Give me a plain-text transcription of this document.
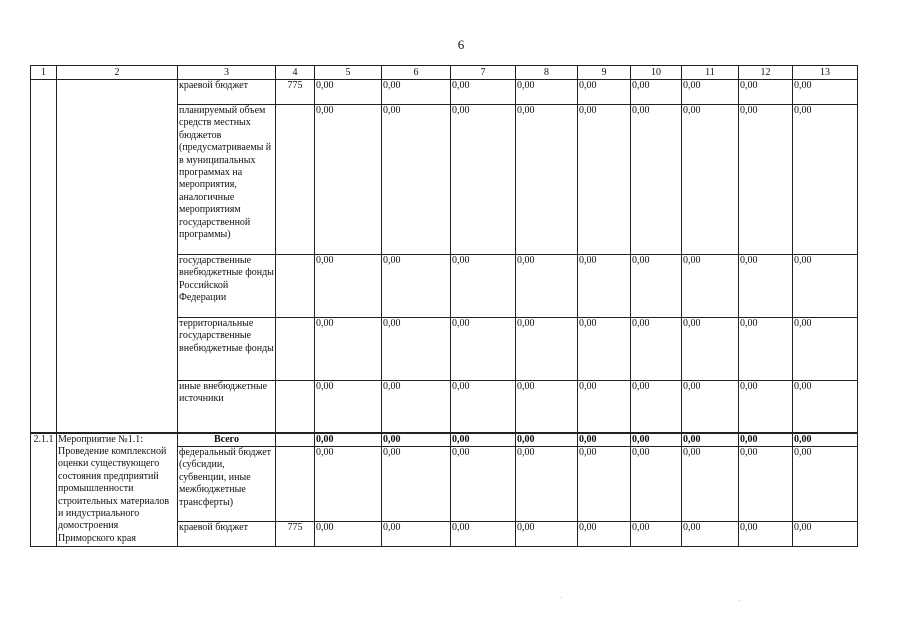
6
1	2	3	4	5	6	7	8	9	10	11	12	13
		краевой бюджет	775	0,00	0,00	0,00	0,00	0,00	0,00	0,00	0,00	0,00
		планируемый объем средств местных бюджетов (предусматриваемы й в муниципальных программах на мероприятия, аналогичные мероприятиям государственной программы)		0,00	0,00	0,00	0,00	0,00	0,00	0,00	0,00	0,00
		государственные внебюджетные фонды Российской Федерации		0,00	0,00	0,00	0,00	0,00	0,00	0,00	0,00	0,00
		территориальные государственные внебюджетные фонды		0,00	0,00	0,00	0,00	0,00	0,00	0,00	0,00	0,00
		иные внебюджетные источники		0,00	0,00	0,00	0,00	0,00	0,00	0,00	0,00	0,00
2.1.1	Мероприятие №1.1: Проведение комплексной оценки существующего состояния предприятий промышленности строительных материалов и индустриального домостроения Приморского края	Всего		0,00	0,00	0,00	0,00	0,00	0,00	0,00	0,00	0,00
		федеральный бюджет (субсидии, субвенции, иные межбюджетные трансферты)		0,00	0,00	0,00	0,00	0,00	0,00	0,00	0,00	0,00
		краевой бюджет	775	0,00	0,00	0,00	0,00	0,00	0,00	0,00	0,00	0,00
·	·
